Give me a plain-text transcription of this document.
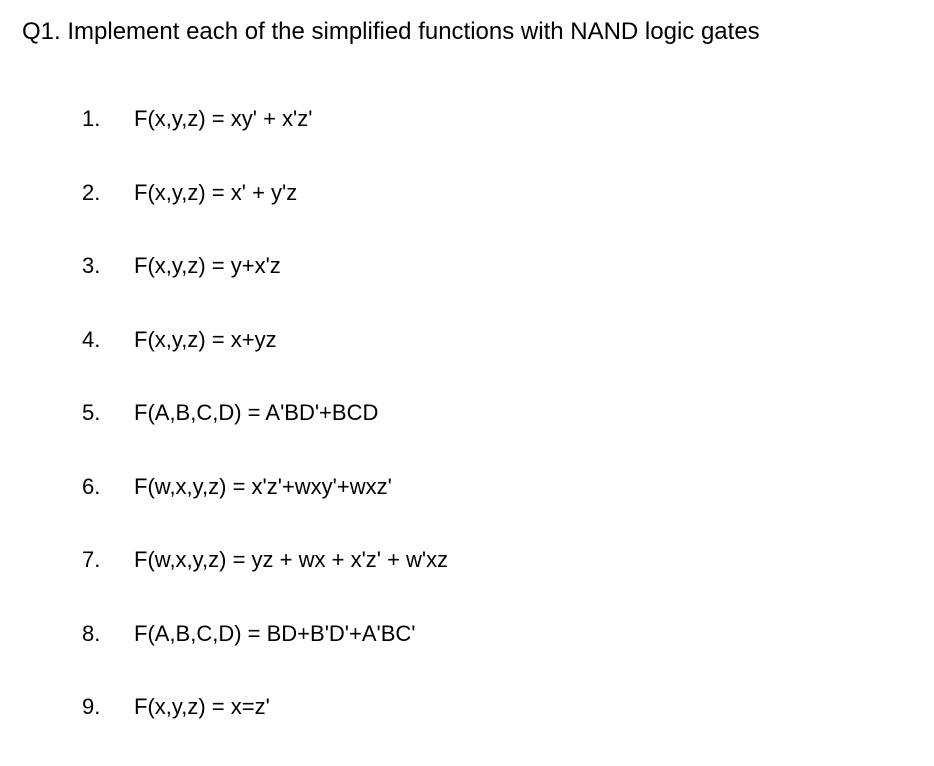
Q1. Implement each of the simplified functions with NAND logic gates
1.	F(x,y,z) = xy' + x'z'
2.	F(x,y,z) = x' + y'z
3.	F(x,y,z) = y+x'z
4.	F(x,y,z) = x+yz
5.	F(A,B,C,D) = A'BD'+BCD
6.	F(w,x,y,z) = x'z'+wxy'+wxz'
7.	F(w,x,y,z) = yz + wx + x'z' + w'xz
8.	F(A,B,C,D) = BD+B'D'+A'BC'
9.	F(x,y,z) = x=z'
